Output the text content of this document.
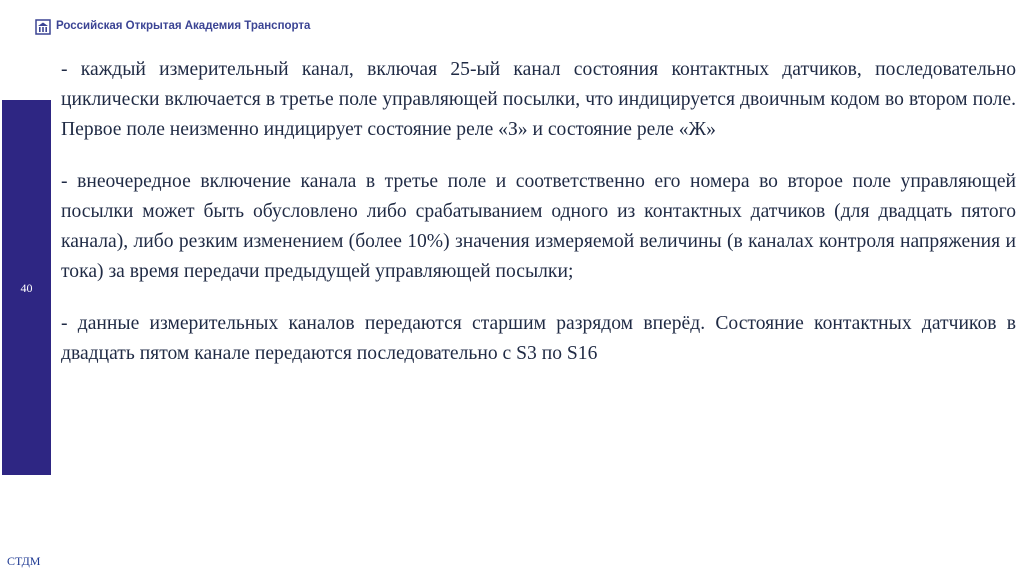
Российская Открытая Академия Транспорта
40

- каждый измерительный канал, включая 25-ый канал состояния контактных датчиков, последовательно циклически включается в третье поле управляющей посылки, что индицируется двоичным кодом во втором поле. Первое поле неизменно индицирует состояние реле «З» и состояние реле «Ж»

- внеочередное включение канала в третье поле и соответственно его номера во второе поле управляющей посылки может быть обусловлено либо срабатыванием одного из контактных датчиков (для двадцать пятого канала), либо резким изменением (более 10%) значения измеряемой величины (в каналах контроля напряжения и тока) за время передачи предыдущей управляющей посылки;

- данные измерительных каналов передаются старшим разрядом вперёд. Состояние контактных датчиков в двадцать пятом канале передаются последовательно с S3 по S16

СТДМ
